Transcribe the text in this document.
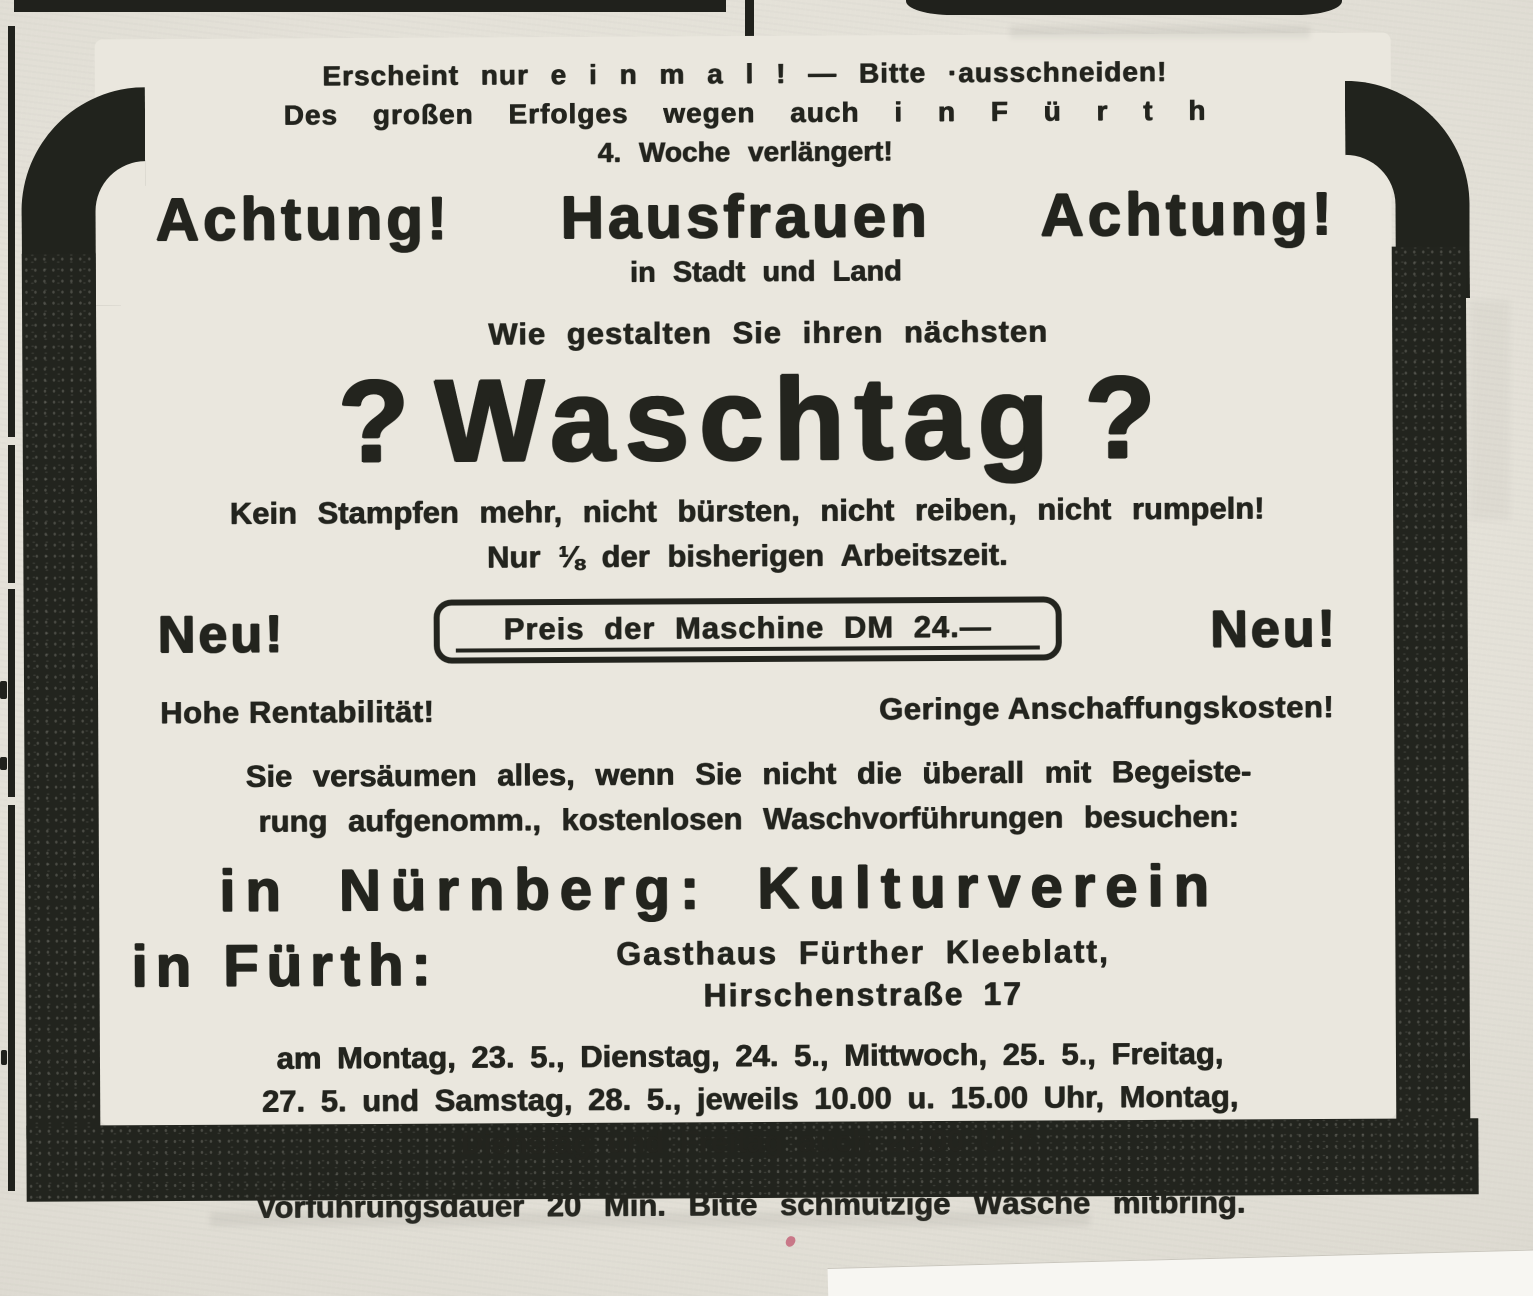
Erscheint nur e i n m a l ! — Bitte ·ausschneiden!
Des großen Erfolges wegen auch i n F ü r t h
4. Woche verlängert!
Achtung! Hausfrauen Achtung!
in Stadt und Land
Wie gestalten Sie ihren nächsten
? Waschtag ?
Kein Stampfen mehr, nicht bürsten, nicht reiben, nicht rumpeln!
Nur ⅛ der bisherigen Arbeitszeit.
Neu!	Preis der Maschine DM 24.—	Neu!
Hohe Rentabilität!	Geringe Anschaffungskosten!
Sie versäumen alles, wenn Sie nicht die überall mit Begeiste-
rung aufgenomm., kostenlosen Waschvorführungen besuchen:
in Nürnberg: Kulturverein
in Fürth:	Gasthaus Fürther Kleeblatt,
Hirschenstraße 17
am Montag, 23. 5., Dienstag, 24. 5., Mittwoch, 25. 5., Freitag,
27. 5. und Samstag, 28. 5., jeweils 10.00 u. 15.00 Uhr, Montag,
Dienstag und Freitag auch 20.00 Uhr.
Vorführungsdauer 20 Min. Bitte schmutzige Wäsche mitbring.
